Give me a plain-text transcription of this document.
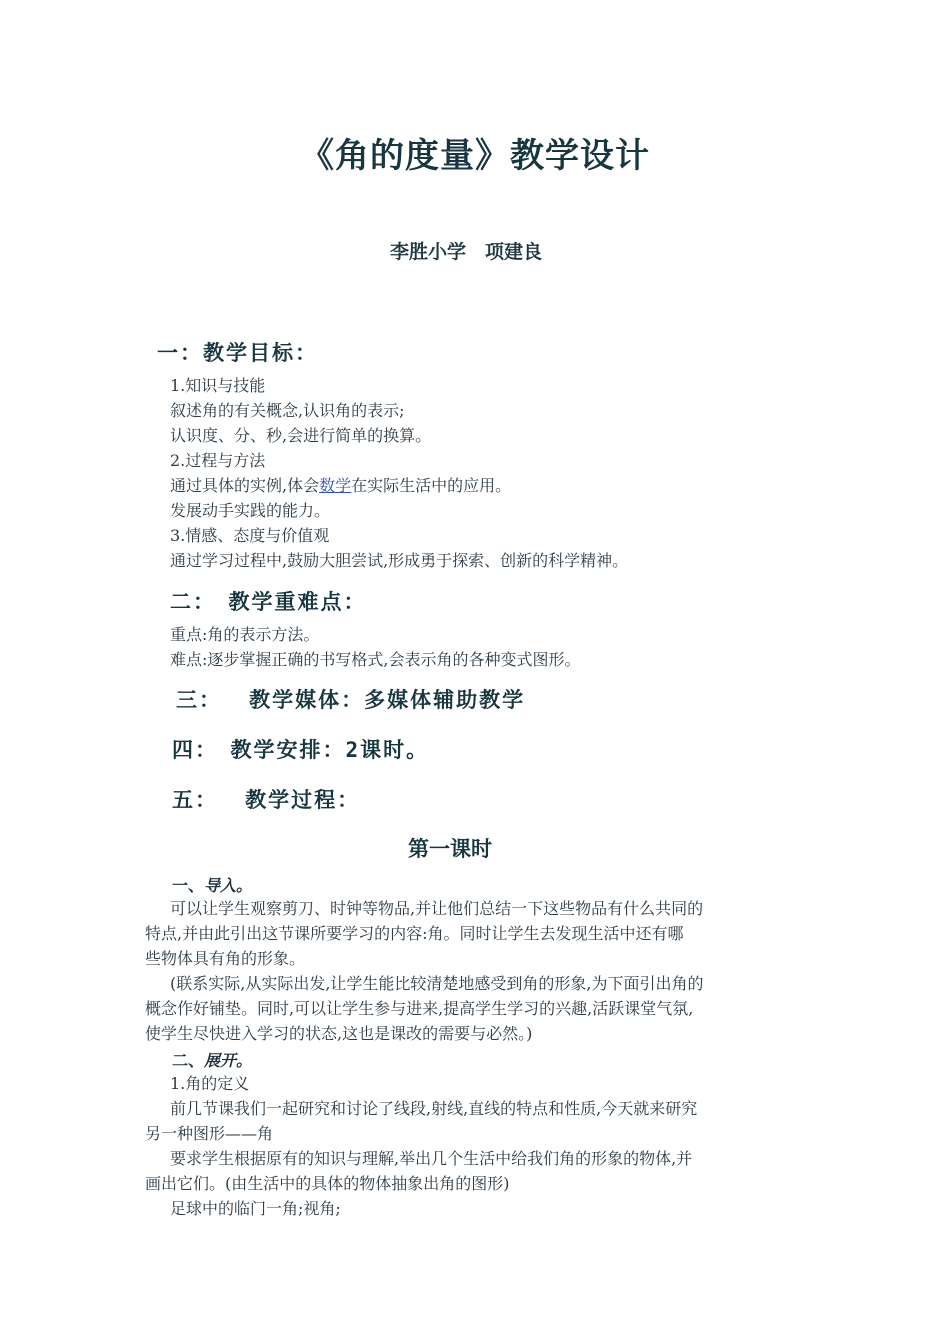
《角的度量》教学设计
李胜小学　项建良
一：教学目标：
1.知识与技能
叙述角的有关概念,认识角的表示;
认识度、分、秒,会进行简单的换算。
2.过程与方法
通过具体的实例,体会数学在实际生活中的应用。
发展动手实践的能力。
3.情感、态度与价值观
通过学习过程中,鼓励大胆尝试,形成勇于探索、创新的科学精神。
二：　教学重难点：
重点:角的表示方法。
难点:逐步掌握正确的书写格式,会表示角的各种变式图形。
三：　 教学媒体：多媒体辅助教学
四：　教学安排：2课时。
五：　 教学过程：
第一课时
一、导入。
可以让学生观察剪刀、时钟等物品,并让他们总结一下这些物品有什么共同的
特点,并由此引出这节课所要学习的内容:角。同时让学生去发现生活中还有哪
些物体具有角的形象。
(联系实际,从实际出发,让学生能比较清楚地感受到角的形象,为下面引出角的
概念作好铺垫。同时,可以让学生参与进来,提高学生学习的兴趣,活跃课堂气氛,
使学生尽快进入学习的状态,这也是课改的需要与必然。)
二、展开。
1.角的定义
前几节课我们一起研究和讨论了线段,射线,直线的特点和性质,今天就来研究
另一种图形——角
要求学生根据原有的知识与理解,举出几个生活中给我们角的形象的物体,并
画出它们。(由生活中的具体的物体抽象出角的图形)
足球中的临门一角;视角;
